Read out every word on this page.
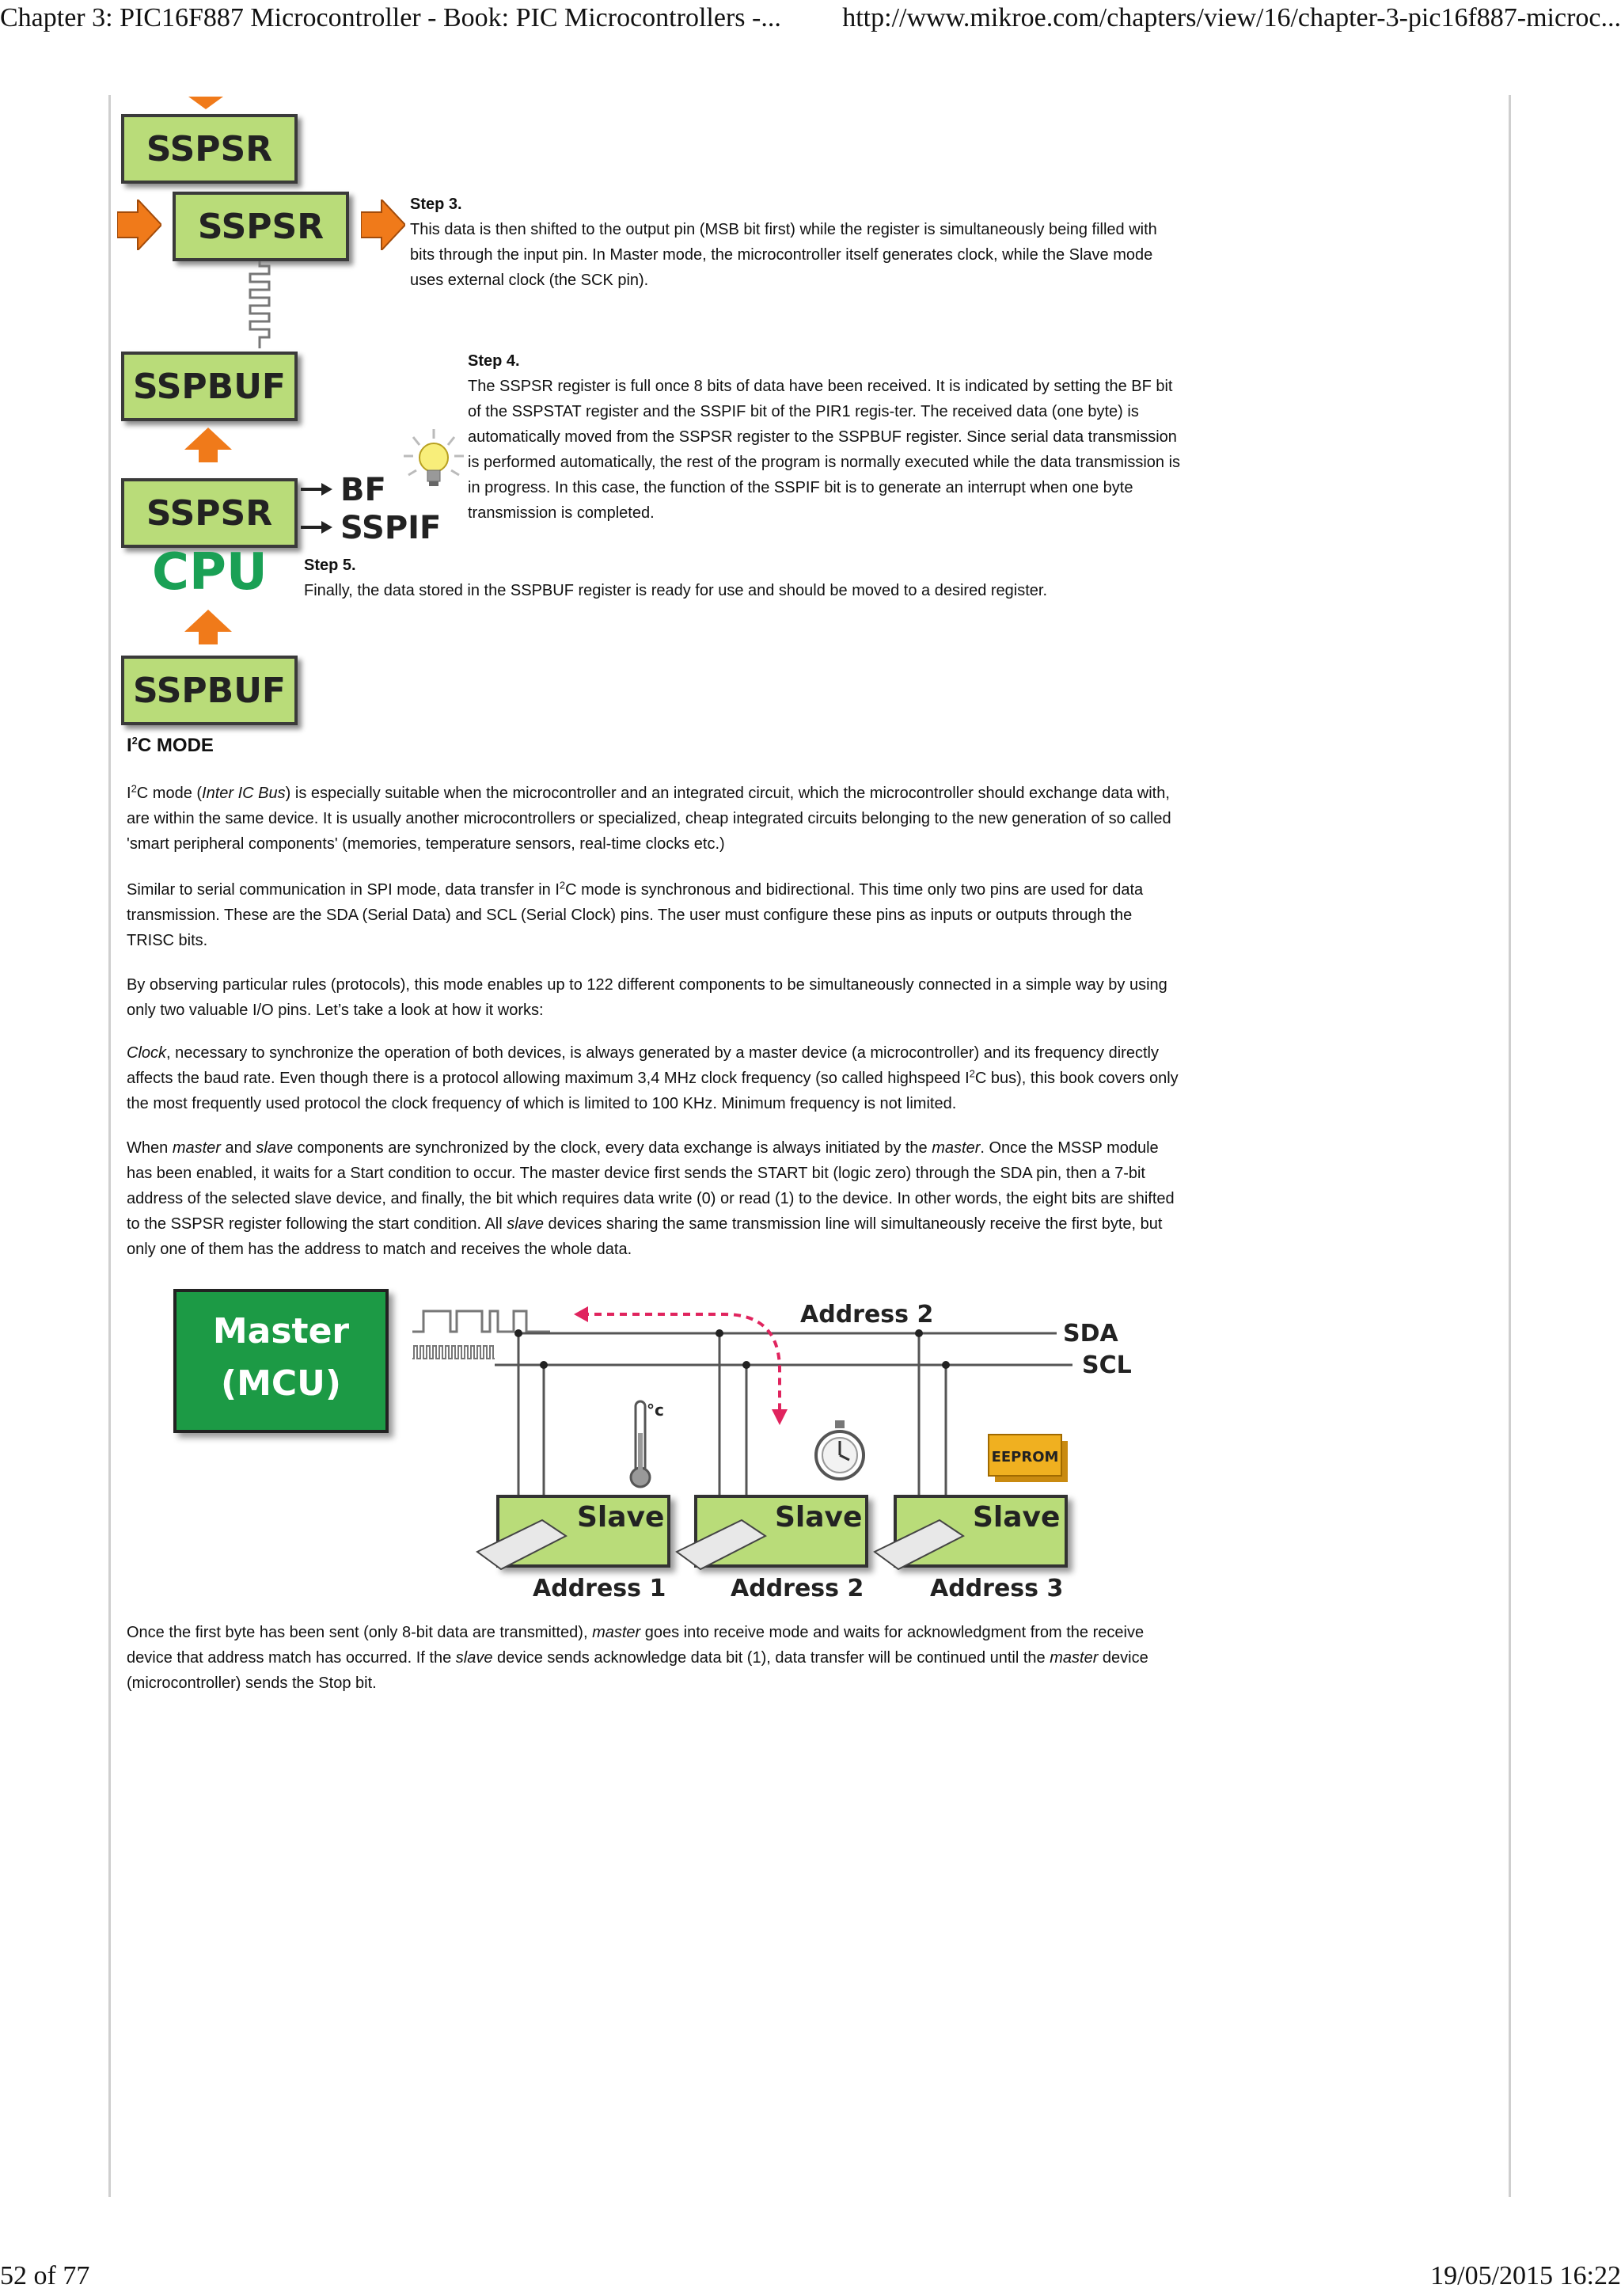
Chapter 3: PIC16F887 Microcontroller - Book: PIC Microcontrollers -... http://www.mikroe.com/chapters/view/16/chapter-3-pic16f887-microc...
52 of 77	19/05/2015 16:22
SSPSR
SSPSR
SSPBUF
SSPSR
BF
SSPIF
CPU
SSPBUF
Step 3.
This data is then shifted to the output pin (MSB bit first) while the register is simultaneously being filled with bits through the input pin. In Master mode, the microcontroller itself generates clock, while the Slave mode uses external clock (the SCK pin).
Step 4.
The SSPSR register is full once 8 bits of data have been received. It is indicated by setting the BF bit of the SSPSTAT register and the SSPIF bit of the PIR1 regis-ter. The received data (one byte) is automatically moved from the SSPSR register to the SSPBUF register. Since serial data transmission is performed automatically, the rest of the program is normally executed while the data transmission is in progress. In this case, the function of the SSPIF bit is to generate an interrupt when one byte transmission is completed.
Step 5.
Finally, the data stored in the SSPBUF register is ready for use and should be moved to a desired register.
$I^2C$ MODE

$I^2C$ mode (Inter IC Bus) is especially suitable when the microcontroller and an integrated circuit, which the microcontroller should exchange data with, are within the same device. It is usually another microcontrollers or specialized, cheap integrated circuits belonging to the new generation of so called 'smart peripheral components' (memories, temperature sensors, real-time clocks etc.)

Similar to serial communication in SPI mode, data transfer in $I^2C$ mode is synchronous and bidirectional. This time only two pins are used for data transmission. These are the SDA (Serial Data) and SCL (Serial Clock) pins. The user must configure these pins as inputs or outputs through the TRISC bits.

By observing particular rules (protocols), this mode enables up to 122 different components to be simultaneously connected in a simple way by using only two valuable I/O pins. Let’s take a look at how it works:

Clock, necessary to synchronize the operation of both devices, is always generated by a master device (a microcontroller) and its frequency directly affects the baud rate. Even though there is a protocol allowing maximum 3,4 MHz clock frequency (so called highspeed $I^2C$ bus), this book covers only the most frequently used protocol the clock frequency of which is limited to 100 KHz. Minimum frequency is not limited.

When master and slave components are synchronized by the clock, every data exchange is always initiated by the master. Once the MSSP module has been enabled, it waits for a Start condition to occur. The master device first sends the START bit (logic zero) through the SDA pin, then a 7-bit address of the selected slave device, and finally, the bit which requires data write (0) or read (1) to the device. In other words, the eight bits are shifted to the SSPSR register following the start condition. All slave devices sharing the same transmission line will simultaneously receive the first byte, but only one of them has the address to match and receives the whole data.

Master
(MCU)
SDA
SCL
Address 2
°c
EEPROM
Slave	Slave	Slave
Address 1	Address 2	Address 3

Once the first byte has been sent (only 8-bit data are transmitted), master goes into receive mode and waits for acknowledgment from the receive device that address match has occurred. If the slave device sends acknowledge data bit (1), data transfer will be continued until the master device (microcontroller) sends the Stop bit.
